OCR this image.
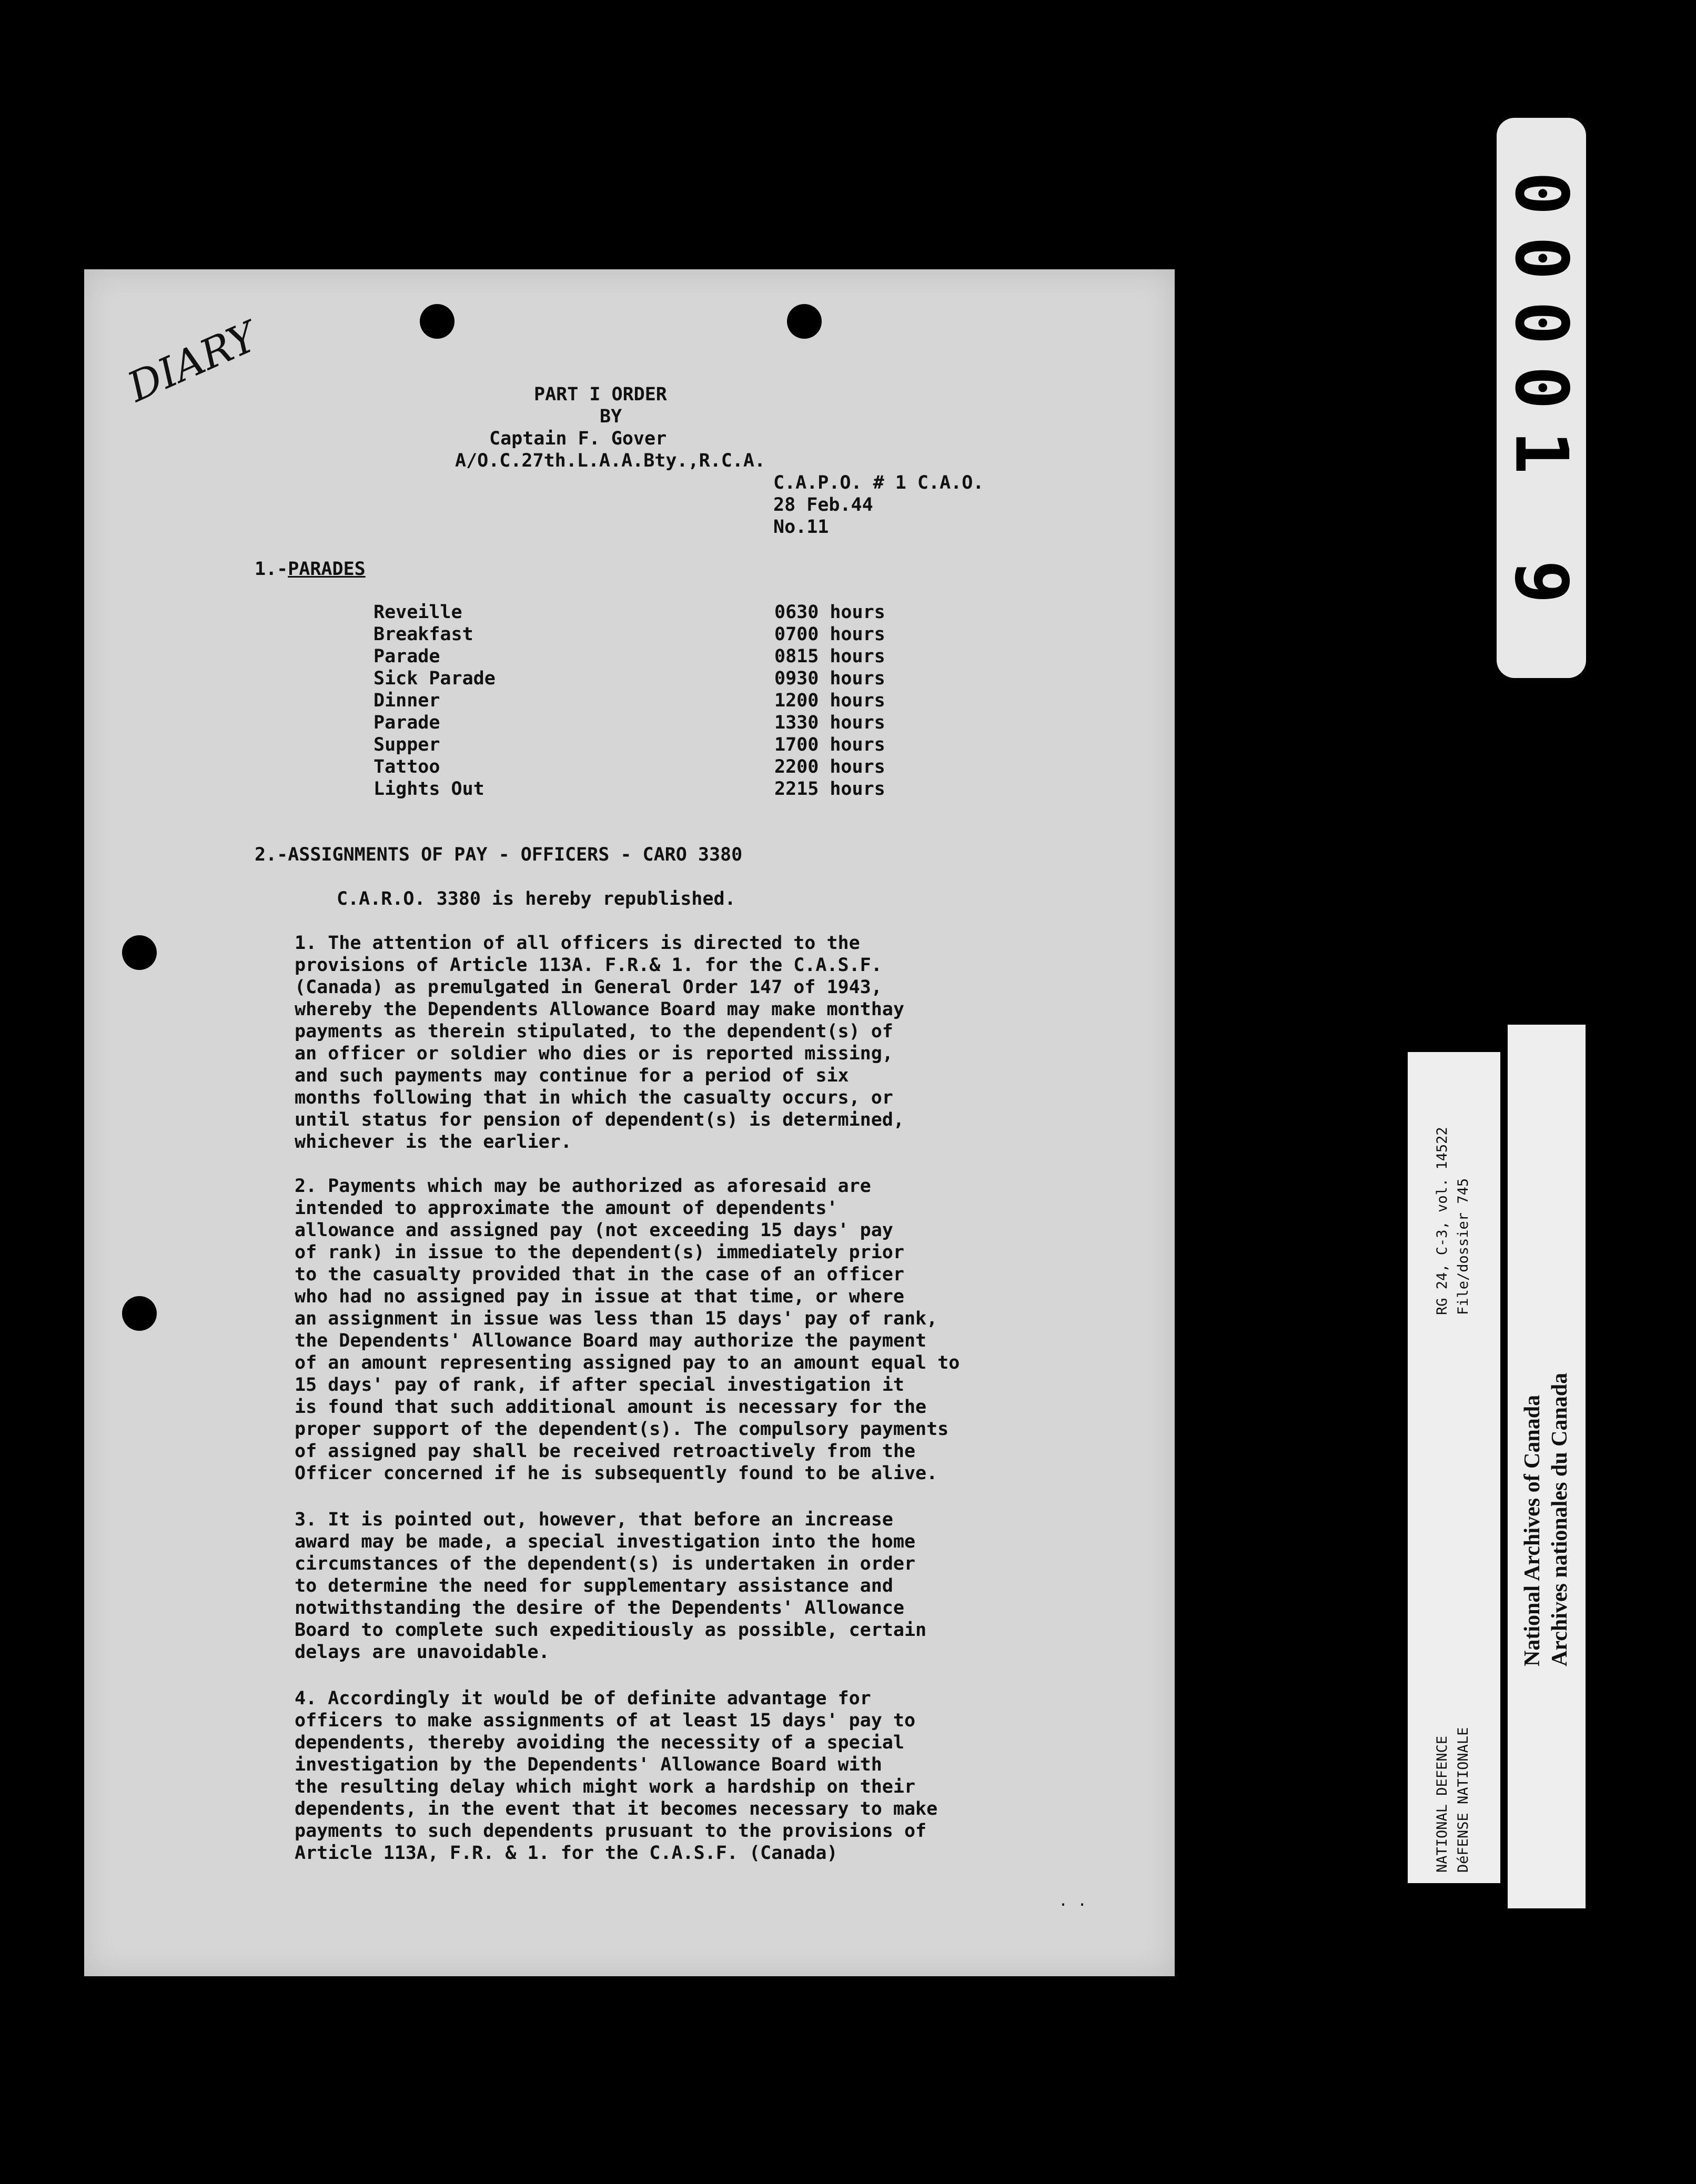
DIARY	PART I ORDER
BY
Captain F. Gover
A/O.C.27th.L.A.A.Bty.,R.C.A.
C.A.P.O. # 1 C.A.O.
28 Feb.44
No.11
1.-PARADES
Reveille	0630 hours
Breakfast	0700 hours
Parade	0815 hours
Sick Parade	0930 hours
Dinner	1200 hours
Parade	1330 hours
Supper	1700 hours
Tattoo	2200 hours
Lights Out	2215 hours
2.-ASSIGNMENTS OF PAY - OFFICERS - CARO 3380
C.A.R.O. 3380 is hereby republished.
1. The attention of all officers is directed to the
provisions of Article 113A. F.R.& 1. for the C.A.S.F.
(Canada) as premulgated in General Order 147 of 1943,
whereby the Dependents Allowance Board may make monthay
payments as therein stipulated, to the dependent(s) of
an officer or soldier who dies or is reported missing,
and such payments may continue for a period of six
months following that in which the casualty occurs, or
until status for pension of dependent(s) is determined,
whichever is the earlier.
2. Payments which may be authorized as aforesaid are
intended to approximate the amount of dependents'
allowance and assigned pay (not exceeding 15 days' pay
of rank) in issue to the dependent(s) immediately prior
to the casualty provided that in the case of an officer
who had no assigned pay in issue at that time, or where
an assignment in issue was less than 15 days' pay of rank,
the Dependents' Allowance Board may authorize the payment
of an amount representing assigned pay to an amount equal to
15 days' pay of rank, if after special investigation it
is found that such additional amount is necessary for the
proper support of the dependent(s). The compulsory payments
of assigned pay shall be received retroactively from the
Officer concerned if he is subsequently found to be alive.
3. It is pointed out, however, that before an increase
award may be made, a special investigation into the home
circumstances of the dependent(s) is undertaken in order
to determine the need for supplementary assistance and
notwithstanding the desire of the Dependents' Allowance
Board to complete such expeditiously as possible, certain
delays are unavoidable.
4. Accordingly it would be of definite advantage for
officers to make assignments of at least 15 days' pay to
dependents, thereby avoiding the necessity of a special
investigation by the Dependents' Allowance Board with
the resulting delay which might work a hardship on their
dependents, in the event that it becomes necessary to make
payments to such dependents prusuant to the provisions of
Article 113A, F.R. & 1. for the C.A.S.F. (Canada)
. .
00001 9
RG 24, C-3, vol. 14522 File/dossier 745
NATIONAL DEFENCE DéFENSE NATIONALE
National Archives of Canada Archives nationales du Canada
